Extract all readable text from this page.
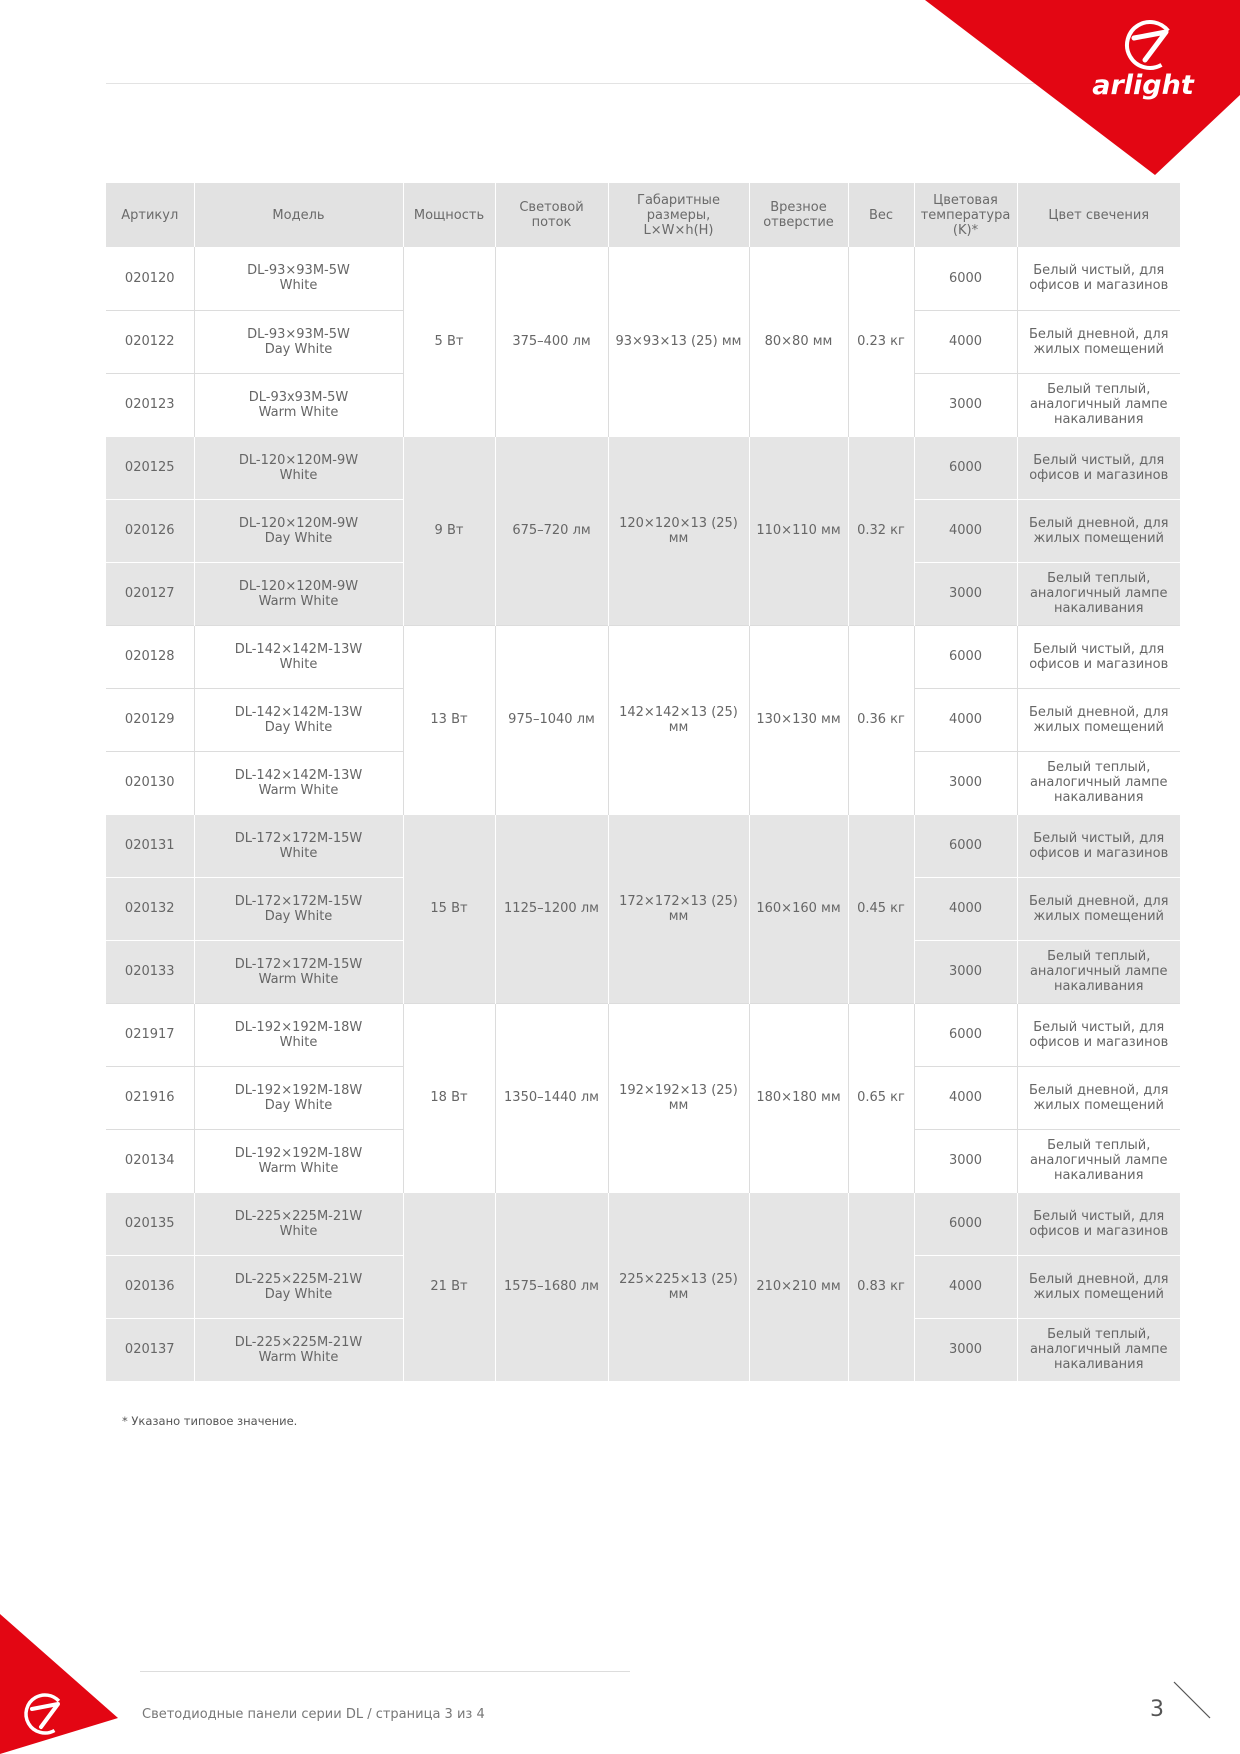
arlight
Артикул	Модель	Мощность	Световой поток	Габаритные размеры, L×W×h(H)	Врезное отверстие	Вес	Цветовая температура (K)*	Цвет свечения
020120	DL-93×93M-5W
White	5 Вт	375–400 лм	93×93×13 (25) мм	80×80 мм	0.23 кг	6000	Белый чистый, для офисов и магазинов
020122	DL-93×93M-5W
Day White						4000	Белый дневной, для жилых помещений
020123	DL-93x93M-5W
Warm White						3000	Белый теплый, аналогичный лампе накаливания
020125	DL-120×120M-9W
White	9 Вт	675–720 лм	120×120×13 (25) мм	110×110 мм	0.32 кг	6000	Белый чистый, для офисов и магазинов
020126	DL-120×120M-9W
Day White						4000	Белый дневной, для жилых помещений
020127	DL-120×120M-9W
Warm White						3000	Белый теплый, аналогичный лампе накаливания
020128	DL-142×142M-13W
White	13 Вт	975–1040 лм	142×142×13 (25) мм	130×130 мм	0.36 кг	6000	Белый чистый, для офисов и магазинов
020129	DL-142×142M-13W
Day White						4000	Белый дневной, для жилых помещений
020130	DL-142×142M-13W
Warm White						3000	Белый теплый, аналогичный лампе накаливания
020131	DL-172×172M-15W
White	15 Вт	1125–1200 лм	172×172×13 (25) мм	160×160 мм	0.45 кг	6000	Белый чистый, для офисов и магазинов
020132	DL-172×172M-15W
Day White						4000	Белый дневной, для жилых помещений
020133	DL-172×172M-15W
Warm White						3000	Белый теплый, аналогичный лампе накаливания
021917	DL-192×192M-18W
White	18 Вт	1350–1440 лм	192×192×13 (25) мм	180×180 мм	0.65 кг	6000	Белый чистый, для офисов и магазинов
021916	DL-192×192M-18W
Day White						4000	Белый дневной, для жилых помещений
020134	DL-192×192M-18W
Warm White						3000	Белый теплый, аналогичный лампе накаливания
020135	DL-225×225M-21W
White	21 Вт	1575–1680 лм	225×225×13 (25) мм	210×210 мм	0.83 кг	6000	Белый чистый, для офисов и магазинов
020136	DL-225×225M-21W
Day White						4000	Белый дневной, для жилых помещений
020137	DL-225×225M-21W
Warm White						3000	Белый теплый, аналогичный лампе накаливания
* Указано типовое значение.
Светодиодные панели серии DL / страница 3 из 4	3
